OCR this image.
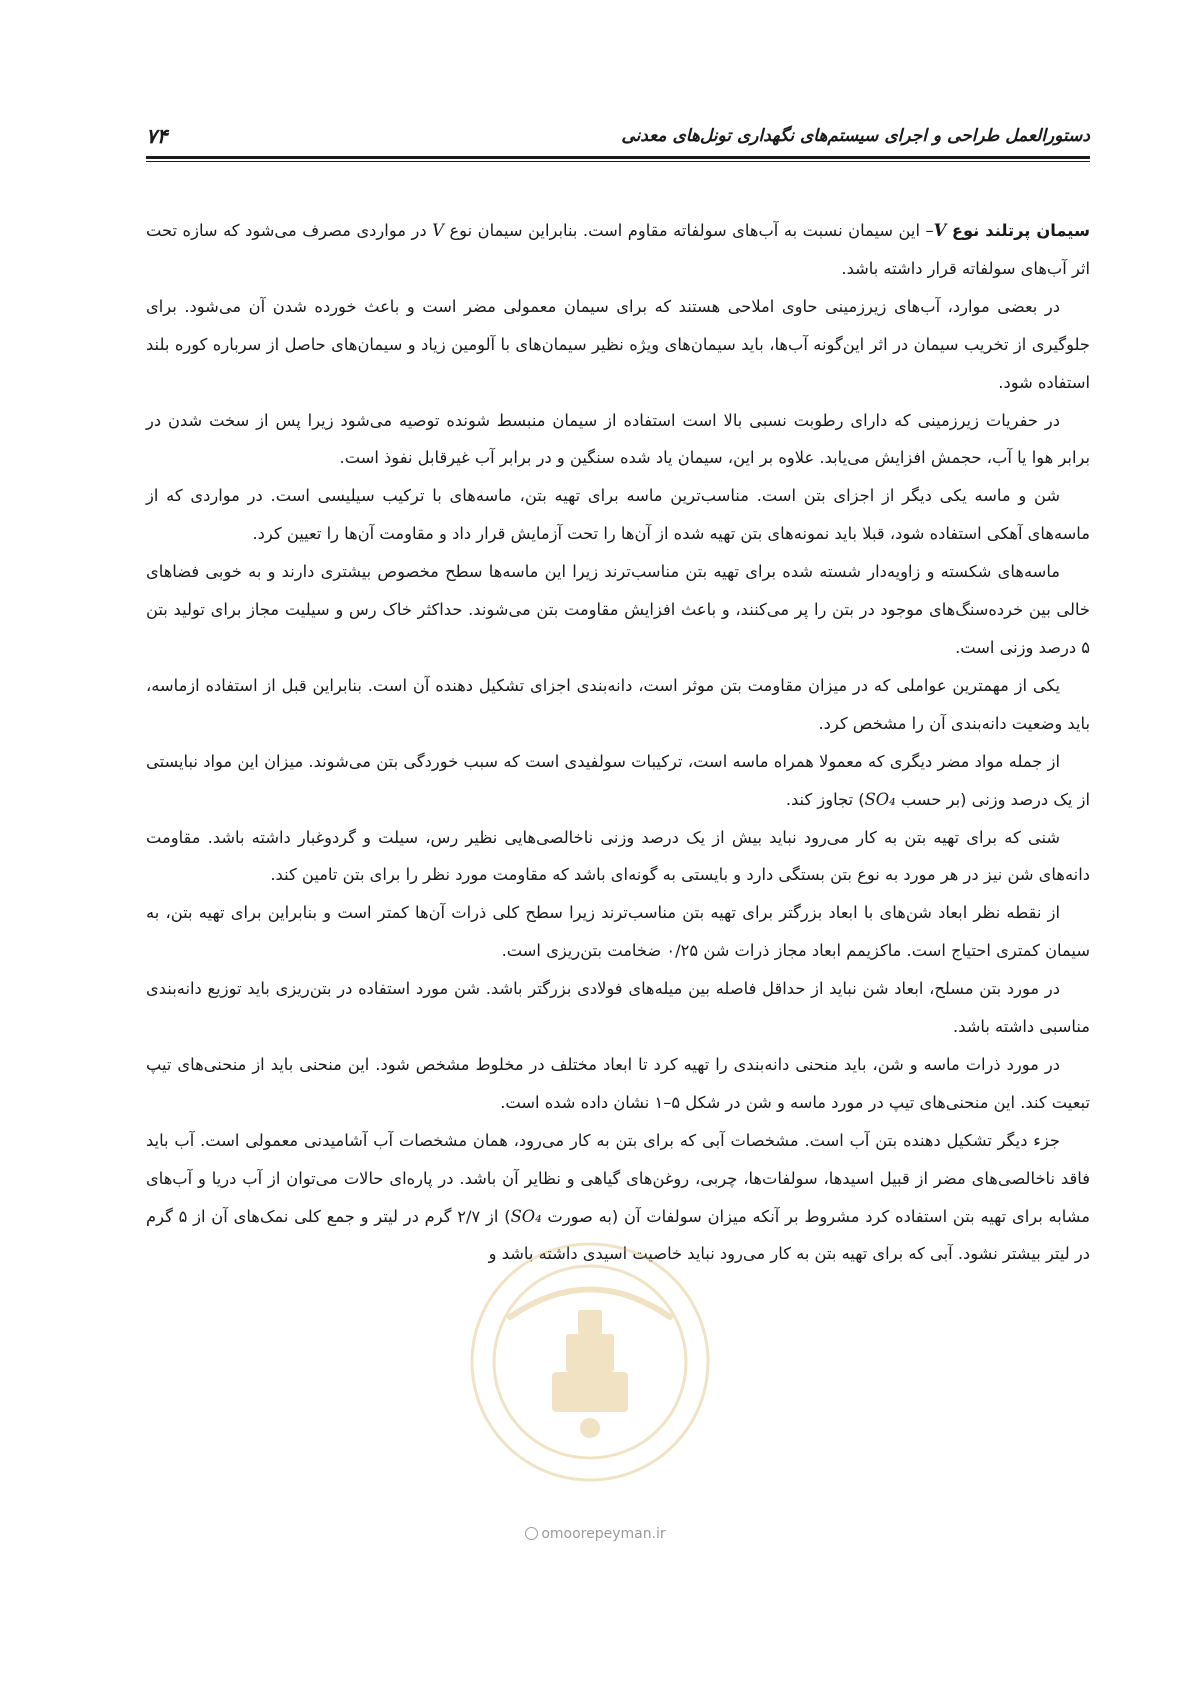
دستورالعمل طراحی و اجرای سیستم‌های نگهداری تونل‌های معدنی
۷۴

سیمان پرتلند نوع V– این سیمان نسبت به آب‌های سولفاته مقاوم است. بنابراین سیمان نوع V در مواردی مصرف می‌شود که سازه تحت اثر آب‌های سولفاته قرار داشته باشد.

در بعضی موارد، آب‌های زیرزمینی حاوی املاحی هستند که برای سیمان معمولی مضر است و باعث خورده شدن آن می‌شود. برای جلوگیری از تخریب سیمان در اثر این‌گونه آب‌ها، باید سیمان‌های ویژه نظیر سیمان‌های با آلومین زیاد و سیمان‌های حاصل از سرباره کوره بلند استفاده شود.

در حفریات زیرزمینی که دارای رطوبت نسبی بالا است استفاده از سیمان منبسط شونده توصیه می‌شود زیرا پس از سخت شدن در برابر هوا یا آب، حجمش افزایش می‌یابد. علاوه بر این، سیمان یاد شده سنگین و در برابر آب غیرقابل نفوذ است.

شن و ماسه یکی دیگر از اجزای بتن است. مناسب‌ترین ماسه برای تهیه بتن، ماسه‌های با ترکیب سیلیسی است. در مواردی که از ماسه‌های آهکی استفاده شود، قبلا باید نمونه‌های بتن تهیه شده از آن‌ها را تحت آزمایش قرار داد و مقاومت آن‌ها را تعیین کرد.

ماسه‌های شکسته و زاویه‌دار شسته شده برای تهیه بتن مناسب‌ترند زیرا این ماسه‌ها سطح مخصوص بیشتری دارند و به خوبی فضاهای خالی بین خرده‌سنگ‌های موجود در بتن را پر می‌کنند، و باعث افزایش مقاومت بتن می‌شوند. حداکثر خاک رس و سیلیت مجاز برای تولید بتن ۵ درصد وزنی است.

یکی از مهمترین عواملی که در میزان مقاومت بتن موثر است، دانه‌بندی اجزای تشکیل دهنده آن است. بنابراین قبل از استفاده ازماسه، باید وضعیت دانه‌بندی آن را مشخص کرد.

از جمله مواد مضر دیگری که معمولا همراه ماسه است، ترکیبات سولفیدی است که سبب خوردگی بتن می‌شوند. میزان این مواد نبایستی از یک درصد وزنی (بر حسب SO₄) تجاوز کند.

شنی که برای تهیه بتن به کار می‌رود نباید بیش از یک درصد وزنی ناخالصی‌هایی نظیر رس، سیلت و گردوغبار داشته باشد. مقاومت دانه‌های شن نیز در هر مورد به نوع بتن بستگی دارد و بایستی به گونه‌ای باشد که مقاومت مورد نظر را برای بتن تامین کند.

از نقطه نظر ابعاد شن‌های با ابعاد بزرگتر برای تهیه بتن مناسب‌ترند زیرا سطح کلی ذرات آن‌ها کمتر است و بنابراین برای تهیه بتن، به سیمان کمتری احتیاج است. ماکزیمم ابعاد مجاز ذرات شن ۰/۲۵ ضخامت بتن‌ریزی است.

در مورد بتن مسلح، ابعاد شن نباید از حداقل فاصله بین میله‌های فولادی بزرگتر باشد. شن مورد استفاده در بتن‌ریزی باید توزیع دانه‌بندی مناسبی داشته باشد.

در مورد ذرات ماسه و شن، باید منحنی دانه‌بندی را تهیه کرد تا ابعاد مختلف در مخلوط مشخص شود. این منحنی باید از منحنی‌های تیپ تبعیت کند. این منحنی‌های تیپ در مورد ماسه و شن در شکل ۵–۱ نشان داده شده است.

جزء دیگر تشکیل دهنده بتن آب است. مشخصات آبی که برای بتن به کار می‌رود، همان مشخصات آب آشامیدنی معمولی است. آب باید فاقد ناخالصی‌های مضر از قبیل اسیدها، سولفات‌ها، چربی، روغن‌های گیاهی و نظایر آن باشد. در پاره‌ای حالات می‌توان از آب دریا و آب‌های مشابه برای تهیه بتن استفاده کرد مشروط بر آنکه میزان سولفات آن (به صورت SO₄) از ۲/۷ گرم در لیتر و جمع کلی نمک‌های آن از ۵ گرم در لیتر بیشتر نشود. آبی که برای تهیه بتن به کار می‌رود نباید خاصیت اسیدی داشته باشد و

omoorepeyman.ir
